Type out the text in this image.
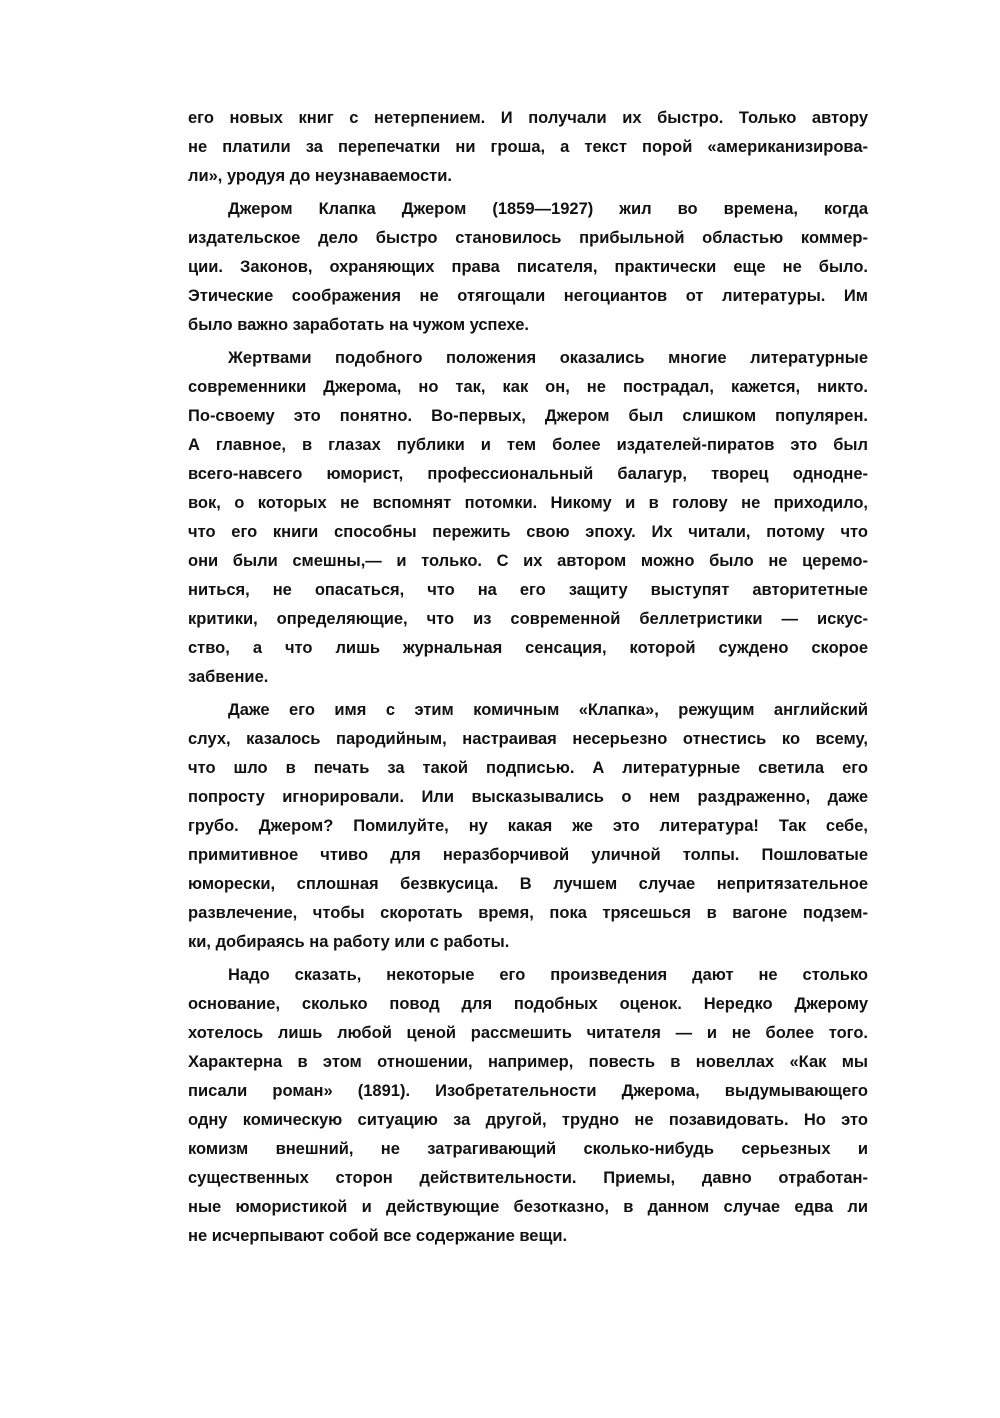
его новых книг с нетерпением. И получали их быстро. Только автору
не платили за перепечатки ни гроша, а текст порой «американизирова-
ли», уродуя до неузнаваемости.
Джером Клапка Джером (1859—1927) жил во времена, когда
издательское дело быстро становилось прибыльной областью коммер-
ции. Законов, охраняющих права писателя, практически еще не было.
Этические соображения не отягощали негоциантов от литературы. Им
было важно заработать на чужом успехе.
Жертвами подобного положения оказались многие литературные
современники Джерома, но так, как он, не пострадал, кажется, никто.
По-своему это понятно. Во-первых, Джером был слишком популярен.
А главное, в глазах публики и тем более издателей-пиратов это был
всего-навсего юморист, профессиональный балагур, творец однодне-
вок, о которых не вспомнят потомки. Никому и в голову не приходило,
что его книги способны пережить свою эпоху. Их читали, потому что
они были смешны,— и только. С их автором можно было не церемо-
ниться, не опасаться, что на его защиту выступят авторитетные
критики, определяющие, что из современной беллетристики — искус-
ство, а что лишь журнальная сенсация, которой суждено скорое
забвение.
Даже его имя с этим комичным «Клапка», режущим английский
слух, казалось пародийным, настраивая несерьезно отнестись ко всему,
что шло в печать за такой подписью. А литературные светила его
попросту игнорировали. Или высказывались о нем раздраженно, даже
грубо. Джером? Помилуйте, ну какая же это литература! Так себе,
примитивное чтиво для неразборчивой уличной толпы. Пошловатые
юморески, сплошная безвкусица. В лучшем случае непритязательное
развлечение, чтобы скоротать время, пока трясешься в вагоне подзем-
ки, добираясь на работу или с работы.
Надо сказать, некоторые его произведения дают не столько
основание, сколько повод для подобных оценок. Нередко Джерому
хотелось лишь любой ценой рассмешить читателя — и не более того.
Характерна в этом отношении, например, повесть в новеллах «Как мы
писали роман» (1891). Изобретательности Джерома, выдумывающего
одну комическую ситуацию за другой, трудно не позавидовать. Но это
комизм внешний, не затрагивающий сколько-нибудь серьезных и
существенных сторон действительности. Приемы, давно отработан-
ные юмористикой и действующие безотказно, в данном случае едва ли
не исчерпывают собой все содержание вещи.
